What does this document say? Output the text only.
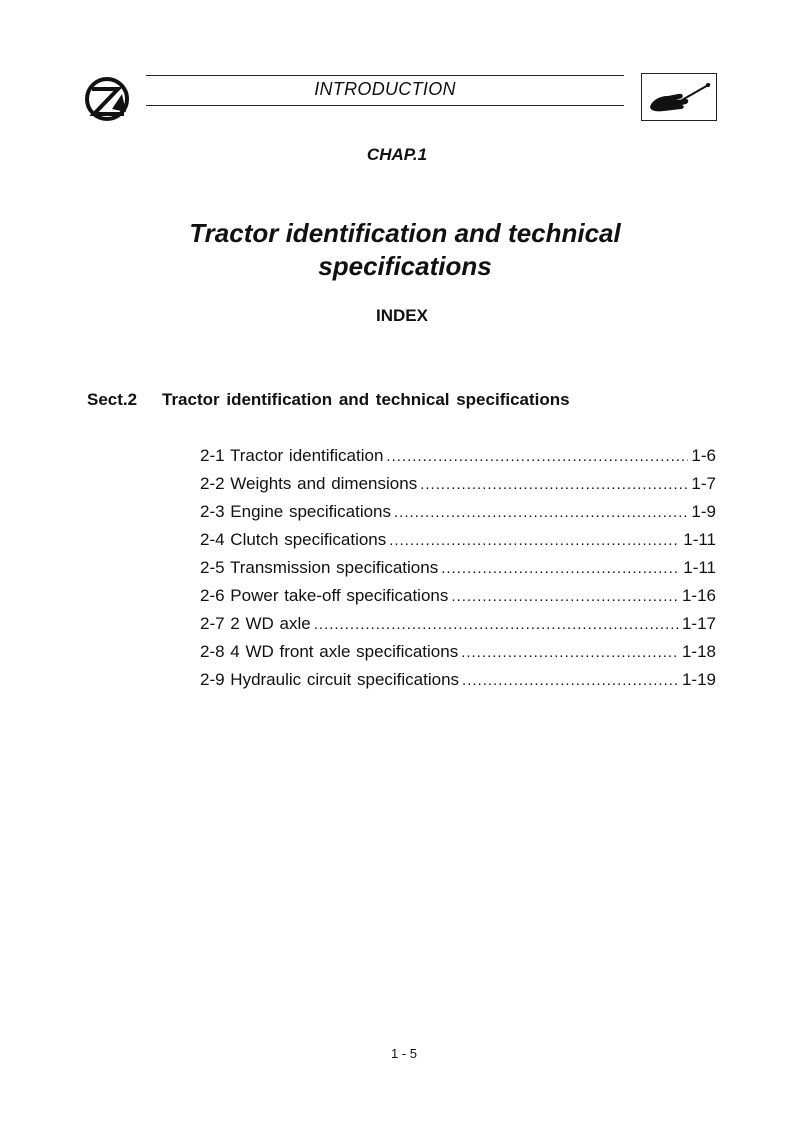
INTRODUCTION
CHAP.1
Tractor identification and technical
specifications
INDEX
Sect.2 Tractor identification and technical specifications
2-1 Tractor identification .....	1-6
2-2 Weights and dimensions .....	1-7
2-3 Engine specifications .....	1-9
2-4 Clutch specifications .....	1-11
2-5 Transmission specifications .....	1-11
2-6 Power take-off specifications .....	1-16
2-7 2 WD axle .....	1-17
2-8 4 WD front axle specifications .....	1-18
2-9 Hydraulic circuit specifications .....	1-19
1 - 5
